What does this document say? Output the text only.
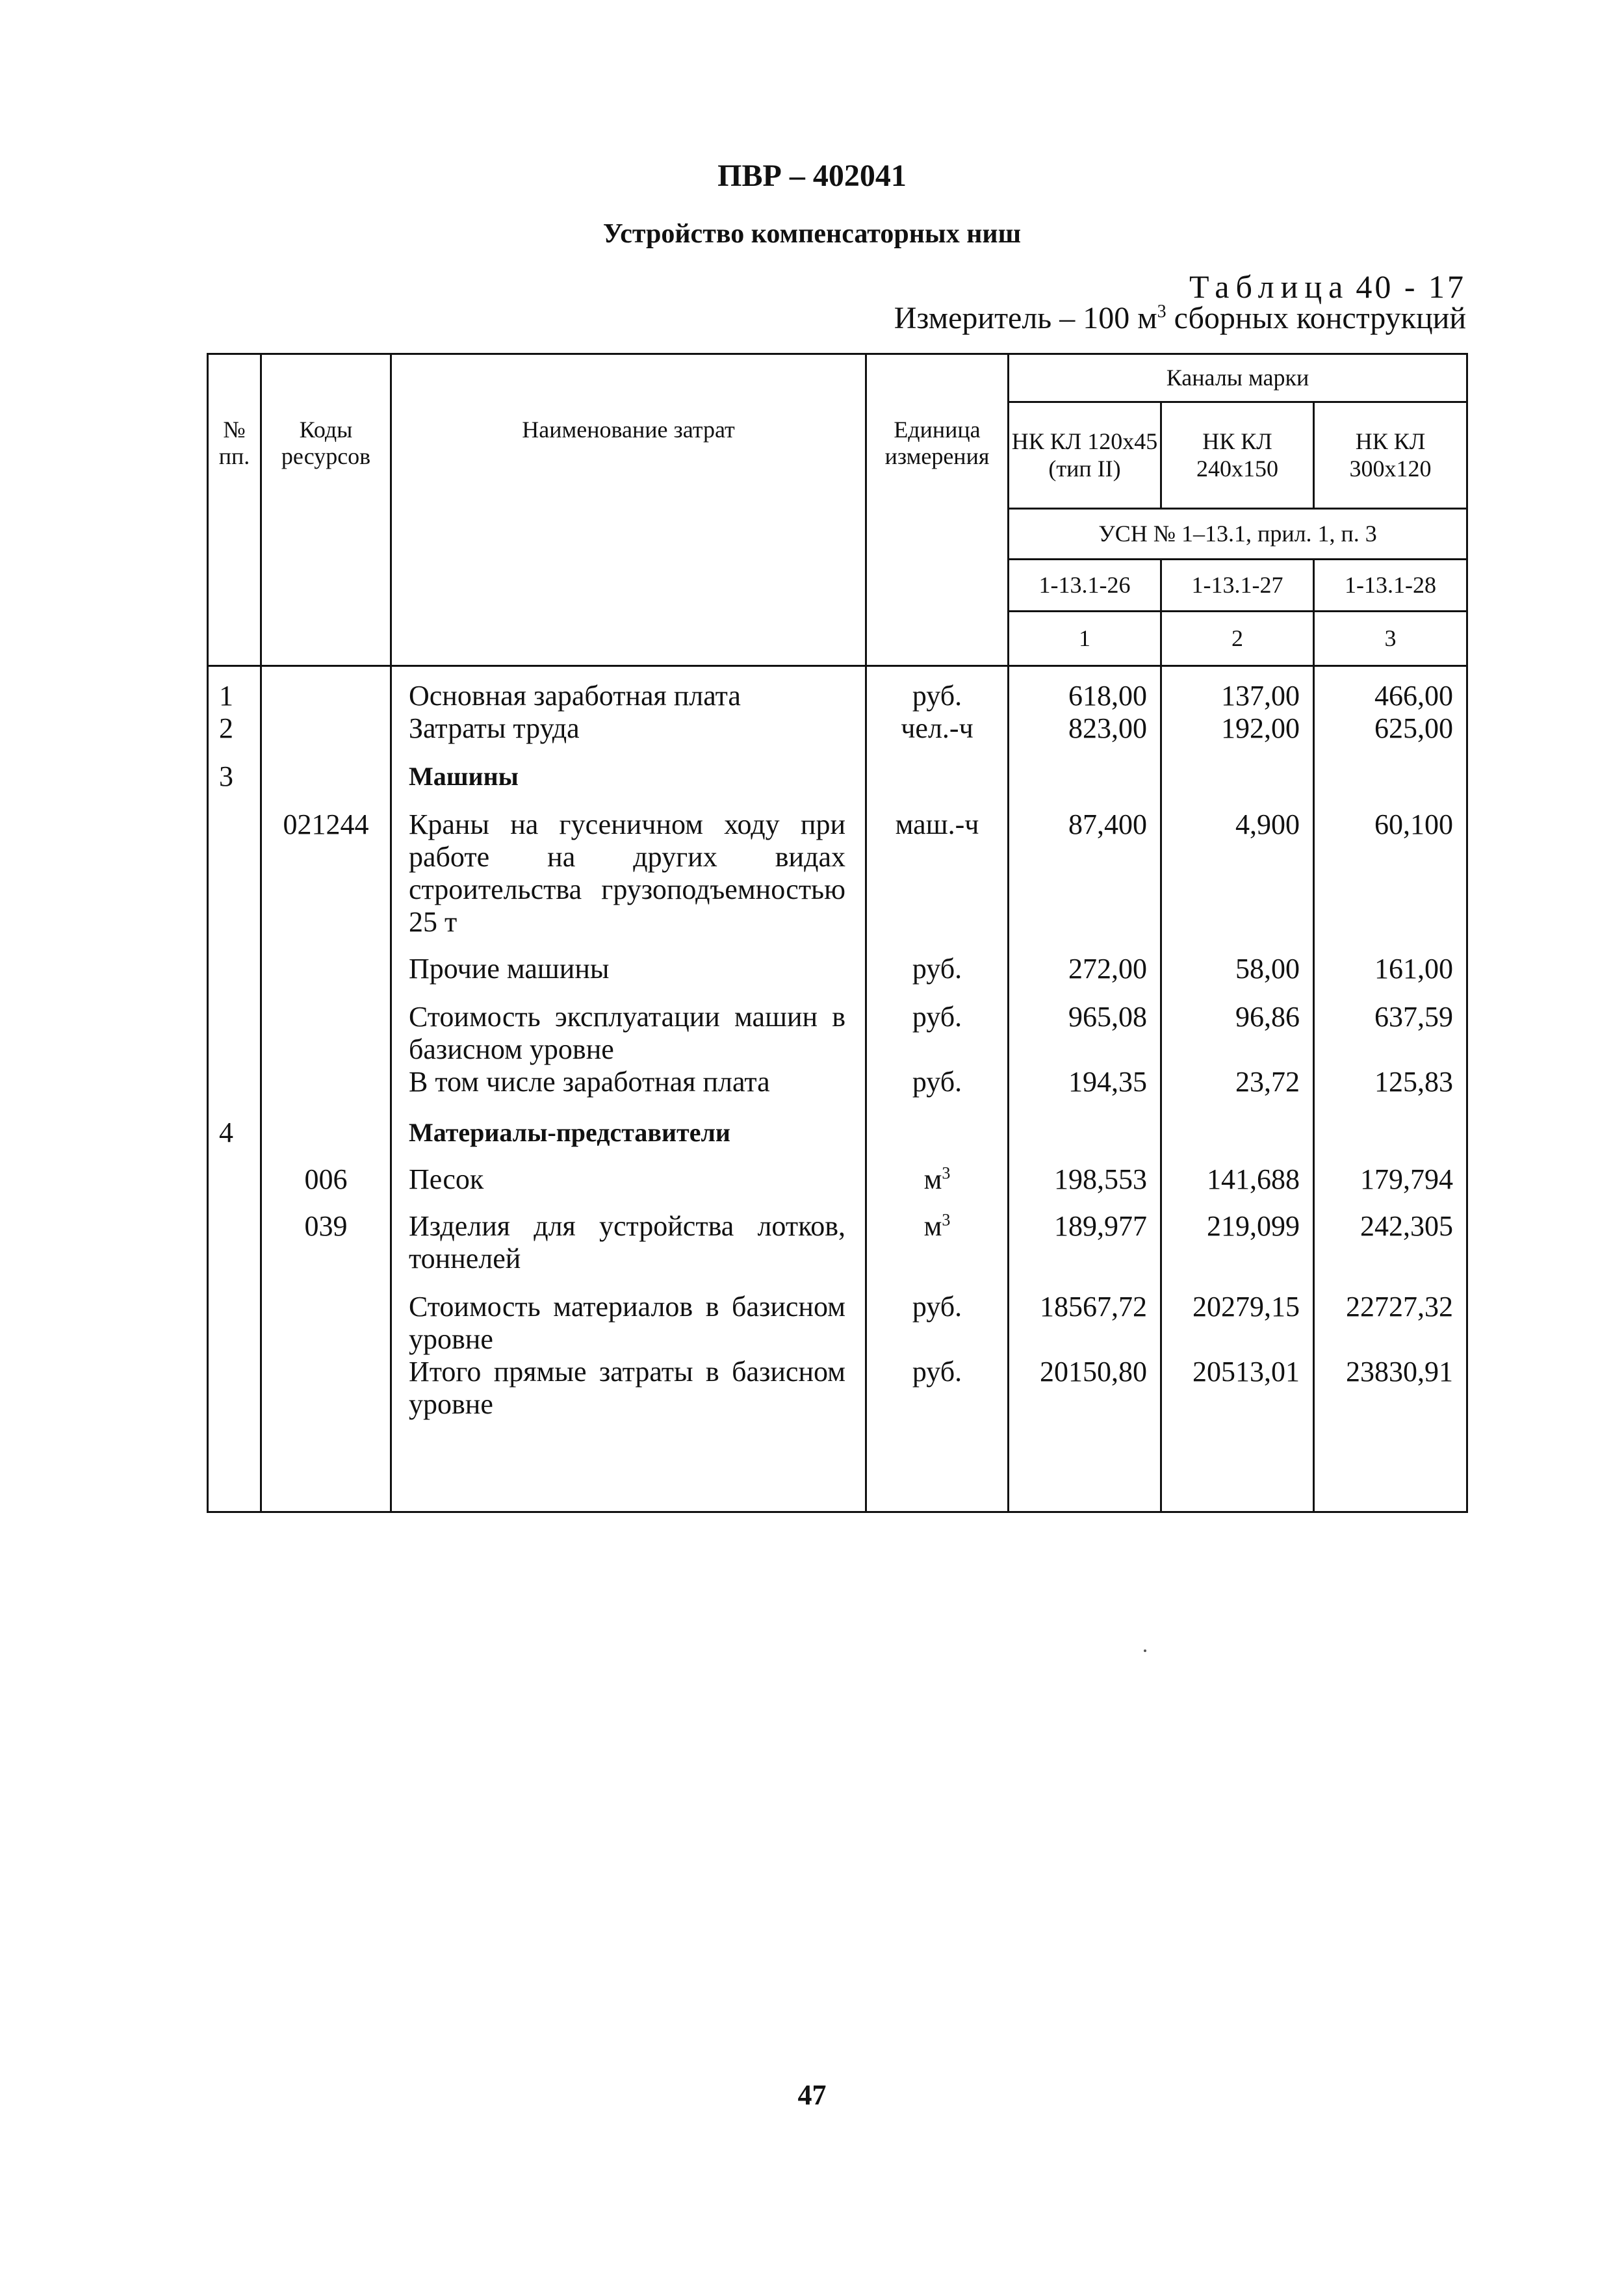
ПВР – 402041
Устройство компенсаторных ниш
Таблица 40 - 17
Измеритель – 100 $м^3$ сборных конструкций
№ пп.	Коды ресурсов	Наименование затрат	Единица измерения	Каналы марки		
				НК КЛ 120х45 (тип II)	НК КЛ 240х150	НК КЛ 300х120
				УСН № 1–13.1, прил. 1, п. 3		
				1-13.1-26	1-13.1-27	1-13.1-28
				1	2	3
1		Основная заработная плата	руб.	618,00	137,00	466,00
2		Затраты труда	чел.-ч	823,00	192,00	625,00
3		Машины				
	021244	Краны на гусеничном ходу при работе на других видах строительства грузоподъемностью 25 т	маш.-ч	87,400	4,900	60,100
		Прочие машины	руб.	272,00	58,00	161,00
		Стоимость эксплуатации машин в базисном уровне	руб.	965,08	96,86	637,59
		В том числе заработная плата	руб.	194,35	23,72	125,83
4		Материалы-представители				
	006	Песок	$м^3$	198,553	141,688	179,794
	039	Изделия для устройства лотков, тоннелей	$м^3$	189,977	219,099	242,305
		Стоимость материалов в базисном уровне	руб.	18567,72	20279,15	22727,32
		Итого прямые затраты в базисном уровне	руб.	20150,80	20513,01	23830,91
47
